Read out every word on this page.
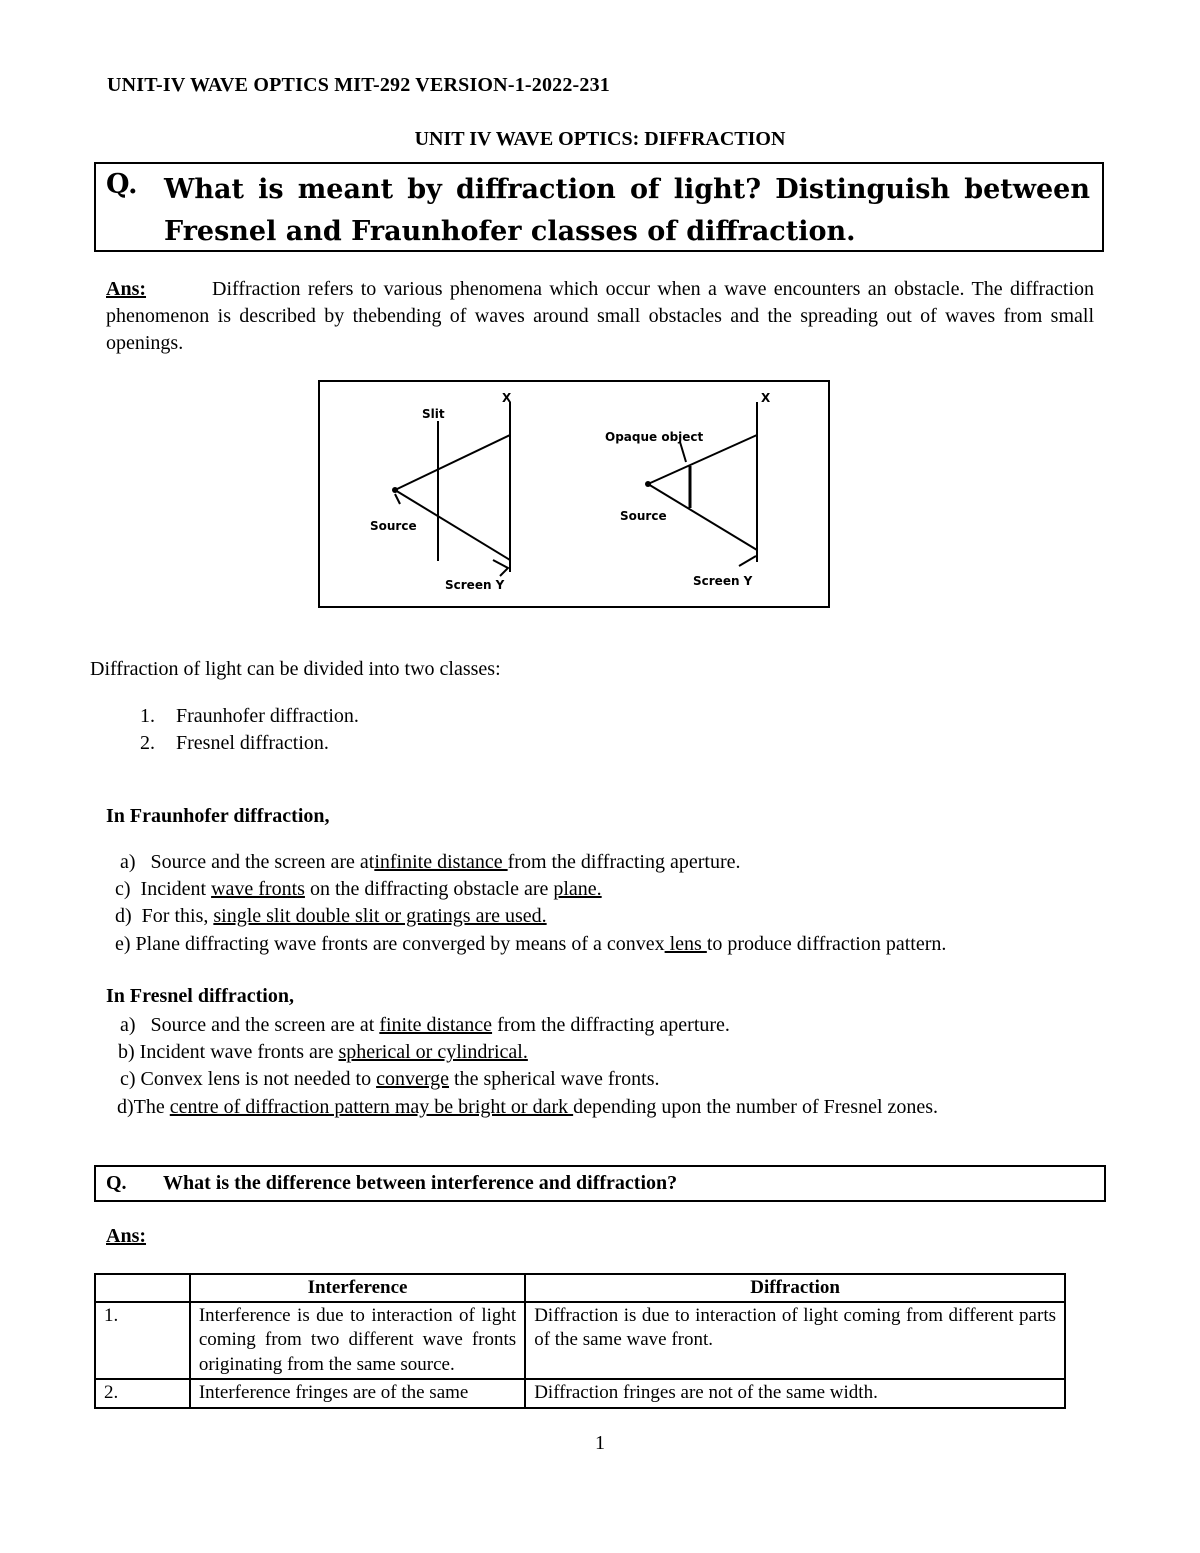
UNIT-IV WAVE OPTICS MIT-292 VERSION-1-2022-231
UNIT IV WAVE OPTICS: DIFFRACTION
Q. What is meant by diffraction of light? Distinguish between Fresnel and Fraunhofer classes of diffraction.
Ans:	Diffraction refers to various phenomena which occur when a wave encounters an obstacle. The diffraction phenomenon is described by thebending of waves around small obstacles and the spreading out of waves from small openings.
Slit
X
Source
Screen Y
Opaque object
X
Source
Screen Y
Diffraction of light can be divided into two classes:
1. Fraunhofer diffraction.
2. Fresnel diffraction.
In Fraunhofer diffraction,
a) Source and the screen are atinfinite distance from the diffracting aperture.
c) Incident wave fronts on the diffracting obstacle are plane.
d) For this, single slit double slit or gratings are used.
e) Plane diffracting wave fronts are converged by means of a convex lens to produce diffraction pattern.
In Fresnel diffraction,
a) Source and the screen are at finite distance from the diffracting aperture.
b) Incident wave fronts are spherical or cylindrical.
c) Convex lens is not needed to converge the spherical wave fronts.
d)The centre of diffraction pattern may be bright or dark depending upon the number of Fresnel zones.
Q. What is the difference between interference and diffraction?
Ans:
	Interference	Diffraction
1.	Interference is due to interaction of light coming from two different wave fronts originating from the same source.	Diffraction is due to interaction of light coming from different parts of the same wave front.
2.	Interference fringes are of the same	Diffraction fringes are not of the same width.
1
